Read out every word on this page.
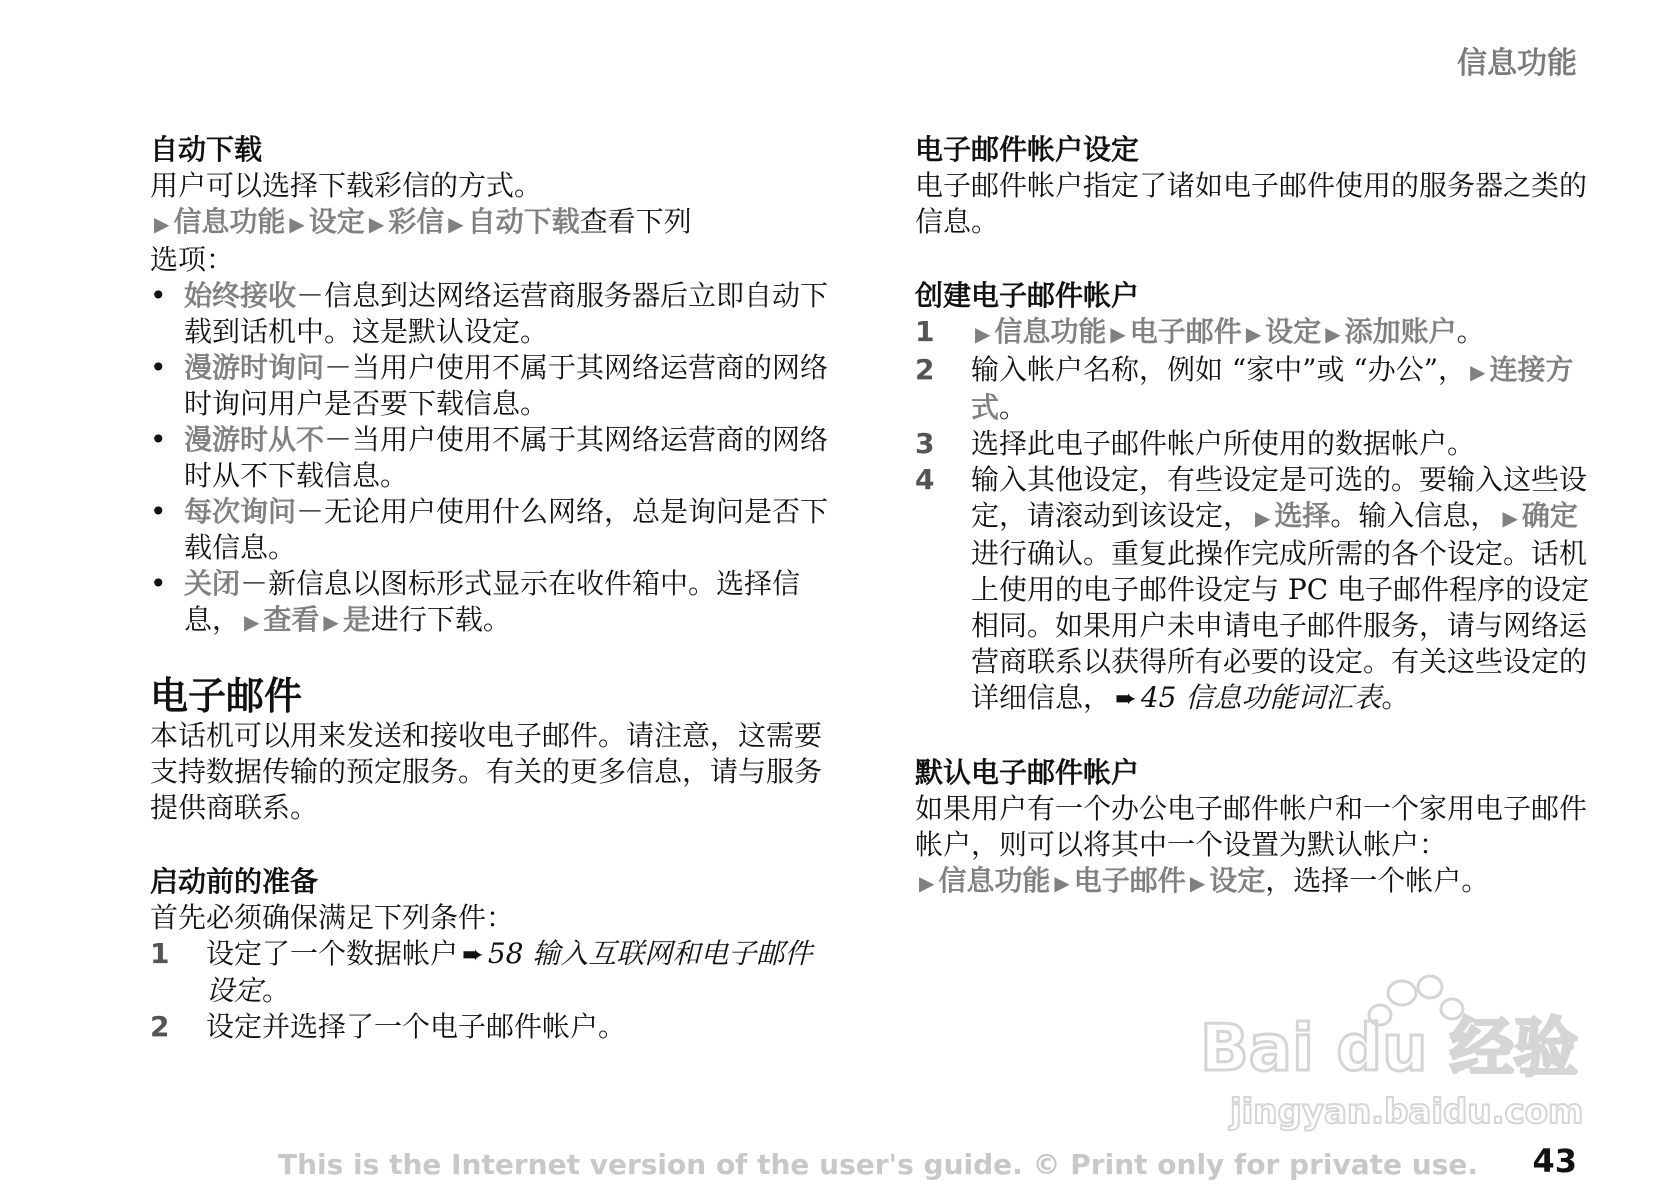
信息功能
自动下载

用户可以选择下载彩信的方式。

▶ 信息功能 ▶ 设定 ▶ 彩信 ▶ 自动下载查看下列
选项：

• 始终接收－信息到达网络运营商服务器后立即自动下载到话机中。这是默认设定。
• 漫游时询问－当用户使用不属于其网络运营商的网络时询问用户是否要下载信息。
• 漫游时从不－当用户使用不属于其网络运营商的网络时从不下载信息。
• 每次询问－无论用户使用什么网络，总是询问是否下载信息。
• 关闭－新信息以图标形式显示在收件箱中。选择信息， ▶ 查看 ▶ 是进行下载。
电子邮件

本话机可以用来发送和接收电子邮件。请注意，这需要支持数据传输的预定服务。有关的更多信息，请与服务提供商联系。

启动前的准备

首先必须确保满足下列条件：

1 设定了一个数据帐户 ➨ 58 输入互联网和电子邮件设定。
2 设定并选择了一个电子邮件帐户。
电子邮件帐户设定

电子邮件帐户指定了诸如电子邮件使用的服务器之类的信息。

创建电子邮件帐户
1 ▶ 信息功能 ▶ 电子邮件 ▶ 设定 ▶ 添加账户。
2 输入帐户名称，例如 “家中”或 “办公”， ▶ 连接方式。
3 选择此电子邮件帐户所使用的数据帐户。
4 输入其他设定，有些设定是可选的。要输入这些设定，请滚动到该设定， ▶ 选择。输入信息， ▶ 确定进行确认。重复此操作完成所需的各个设定。话机上使用的电子邮件设定与 PC 电子邮件程序的设定相同。如果用户未申请电子邮件服务，请与网络运营商联系以获得所有必要的设定。有关这些设定的详细信息， ➨ 45 信息功能词汇表。
默认电子邮件帐户

如果用户有一个办公电子邮件帐户和一个家用电子邮件帐户，则可以将其中一个设置为默认帐户：

▶ 信息功能 ▶ 电子邮件 ▶ 设定，选择一个帐户。

Bai du 经验
jingyan.baidu.com
This is the Internet version of the user's guide. © Print only for private use. 43
